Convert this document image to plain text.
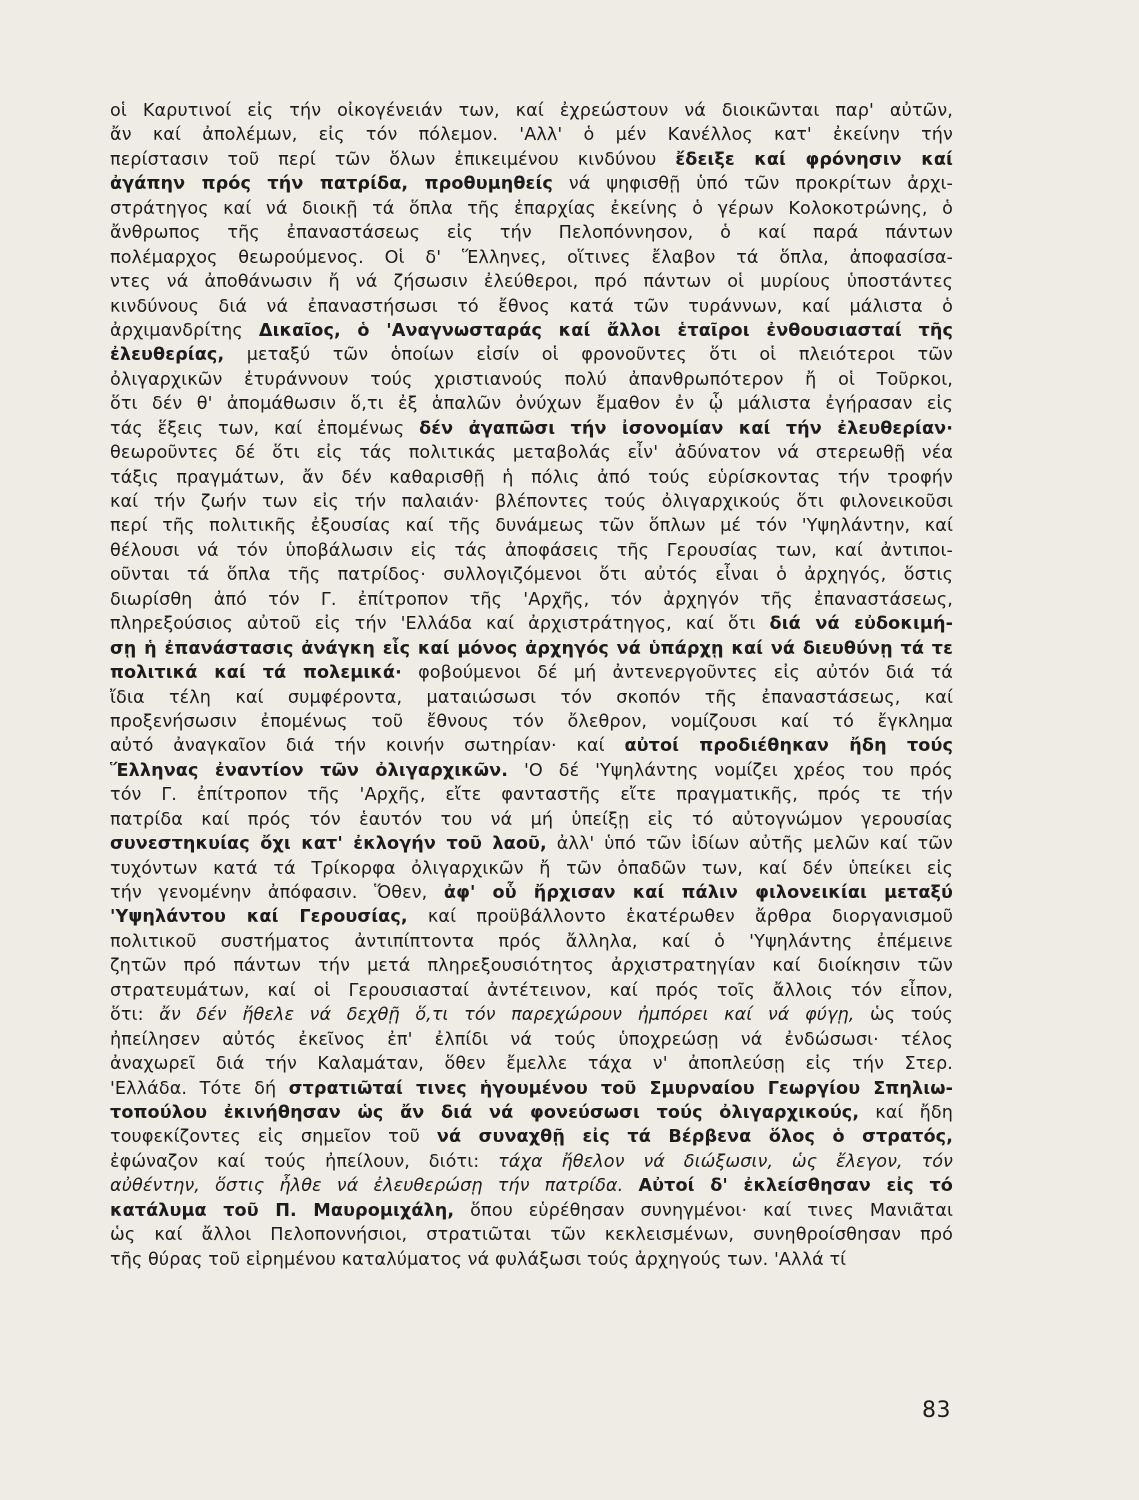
οἱ Καρυτινοί εἰς τήν οἰκογένειάν των, καί ἐχρεώστουν νά διοικῶνται παρ' αὐτῶν,
ἄν καί ἀπολέμων, εἰς τόν πόλεμον. 'Αλλ' ὁ μέν Κανέλλος κατ' ἐκείνην τήν
περίστασιν τοῦ περί τῶν ὅλων ἐπικειμένου κινδύνου ἔδειξε καί φρόνησιν καί
ἀγάπην πρός τήν πατρίδα, προθυμηθείς νά ψηφισθῇ ὑπό τῶν προκρίτων ἀρχι-
στράτηγος καί νά διοικῇ τά ὅπλα τῆς ἐπαρχίας ἐκείνης ὁ γέρων Κολοκοτρώνης, ὁ
ἄνθρωπος τῆς ἐπαναστάσεως εἰς τήν Πελοπόννησον, ὁ καί παρά πάντων
πολέμαρχος θεωρούμενος. Οἱ δ' Ἕλληνες, οἵτινες ἔλαβον τά ὅπλα, ἀποφασίσα-
ντες νά ἀποθάνωσιν ἤ νά ζήσωσιν ἐλεύθεροι, πρό πάντων οἱ μυρίους ὑποστάντες
κινδύνους διά νά ἐπαναστήσωσι τό ἔθνος κατά τῶν τυράννων, καί μάλιστα ὁ
ἀρχιμανδρίτης Δικαῖος, ὁ 'Αναγνωσταράς καί ἄλλοι ἑταῖροι ἐνθουσιασταί τῆς
ἐλευθερίας, μεταξύ τῶν ὁποίων εἰσίν οἱ φρονοῦντες ὅτι οἱ πλειότεροι τῶν
ὀλιγαρχικῶν ἐτυράννουν τούς χριστιανούς πολύ ἀπανθρωπότερον ἤ οἱ Τοῦρκοι,
ὅτι δέν θ' ἀπομάθωσιν ὅ,τι ἐξ ἁπαλῶν ὀνύχων ἔμαθον ἐν ᾧ μάλιστα ἐγήρασαν εἰς
τάς ἕξεις των, καί ἐπομένως δέν ἀγαπῶσι τήν ἰσονομίαν καί τήν ἐλευθερίαν·
θεωροῦντες δέ ὅτι εἰς τάς πολιτικάς μεταβολάς εἶν' ἀδύνατον νά στερεωθῇ νέα
τάξις πραγμάτων, ἄν δέν καθαρισθῇ ἡ πόλις ἀπό τούς εὑρίσκοντας τήν τροφήν
καί τήν ζωήν των εἰς τήν παλαιάν· βλέποντες τούς ὀλιγαρχικούς ὅτι φιλονεικοῦσι
περί τῆς πολιτικῆς ἐξουσίας καί τῆς δυνάμεως τῶν ὅπλων μέ τόν 'Υψηλάντην, καί
θέλουσι νά τόν ὑποβάλωσιν εἰς τάς ἀποφάσεις τῆς Γερουσίας των, καί ἀντιποι-
οῦνται τά ὅπλα τῆς πατρίδος· συλλογιζόμενοι ὅτι αὐτός εἶναι ὁ ἀρχηγός, ὅστις
διωρίσθη ἀπό τόν Γ. ἐπίτροπον τῆς 'Αρχῆς, τόν ἀρχηγόν τῆς ἐπαναστάσεως,
πληρεξούσιος αὐτοῦ εἰς τήν 'Ελλάδα καί ἀρχιστράτηγος, καί ὅτι διά νά εὐδοκιμή-
σῃ ἡ ἐπανάστασις ἀνάγκη εἷς καί μόνος ἀρχηγός νά ὑπάρχῃ καί νά διευθύνῃ τά τε
πολιτικά καί τά πολεμικά· φοβούμενοι δέ μή ἀντενεργοῦντες εἰς αὐτόν διά τά
ἴδια τέλη καί συμφέροντα, ματαιώσωσι τόν σκοπόν τῆς ἐπαναστάσεως, καί
προξενήσωσιν ἐπομένως τοῦ ἔθνους τόν ὄλεθρον, νομίζουσι καί τό ἔγκλημα
αὐτό ἀναγκαῖον διά τήν κοινήν σωτηρίαν· καί αὐτοί προδιέθηκαν ἤδη τούς
Ἕλληνας ἐναντίον τῶν ὀλιγαρχικῶν. 'Ο δέ 'Υψηλάντης νομίζει χρέος του πρός
τόν Γ. ἐπίτροπον τῆς 'Αρχῆς, εἴτε φανταστῆς εἴτε πραγματικῆς, πρός τε τήν
πατρίδα καί πρός τόν ἑαυτόν του νά μή ὑπείξῃ εἰς τό αὐτογνώμον γερουσίας
συνεστηκυίας ὄχι κατ' ἐκλογήν τοῦ λαοῦ, ἀλλ' ὑπό τῶν ἰδίων αὐτῆς μελῶν καί τῶν
τυχόντων κατά τά Τρίκορφα ὀλιγαρχικῶν ἤ τῶν ὀπαδῶν των, καί δέν ὑπείκει εἰς
τήν γενομένην ἀπόφασιν. Ὅθεν, ἀφ' οὗ ἤρχισαν καί πάλιν φιλονεικίαι μεταξύ
'Υψηλάντου καί Γερουσίας, καί προϋβάλλοντο ἑκατέρωθεν ἄρθρα διοργανισμοῦ
πολιτικοῦ συστήματος ἀντιπίπτοντα πρός ἄλληλα, καί ὁ 'Υψηλάντης ἐπέμεινε
ζητῶν πρό πάντων τήν μετά πληρεξουσιότητος ἀρχιστρατηγίαν καί διοίκησιν τῶν
στρατευμάτων, καί οἱ Γερουσιασταί ἀντέτεινον, καί πρός τοῖς ἄλλοις τόν εἶπον,
ὅτι: ἄν δέν ἤθελε νά δεχθῇ ὅ,τι τόν παρεχώρουν ἠμπόρει καί νά φύγῃ, ὡς τούς
ἠπείλησεν αὐτός ἐκεῖνος ἐπ' ἐλπίδι νά τούς ὑποχρεώσῃ νά ἐνδώσωσι· τέλος
ἀναχωρεῖ διά τήν Καλαμάταν, ὅθεν ἔμελλε τάχα ν' ἀποπλεύσῃ εἰς τήν Στερ.
'Ελλάδα. Τότε δή στρατιῶταί τινες ἡγουμένου τοῦ Σμυρναίου Γεωργίου Σπηλιω-
τοπούλου ἐκινήθησαν ὡς ἄν διά νά φονεύσωσι τούς ὀλιγαρχικούς, καί ἤδη
τουφεκίζοντες εἰς σημεῖον τοῦ νά συναχθῇ εἰς τά Βέρβενα ὅλος ὁ στρατός,
ἐφώναζον καί τούς ἠπείλουν, διότι: τάχα ἤθελον νά διώξωσιν, ὡς ἔλεγον, τόν
αὐθέντην, ὅστις ἦλθε νά ἐλευθερώσῃ τήν πατρίδα. Αὐτοί δ' ἐκλείσθησαν εἰς τό
κατάλυμα τοῦ Π. Μαυρομιχάλη, ὅπου εὑρέθησαν συνηγμένοι· καί τινες Μανιᾶται
ὡς καί ἄλλοι Πελοποννήσιοι, στρατιῶται τῶν κεκλεισμένων, συνηθροίσθησαν πρό
τῆς θύρας τοῦ εἰρημένου καταλύματος νά φυλάξωσι τούς ἀρχηγούς των. 'Αλλά τί
83
